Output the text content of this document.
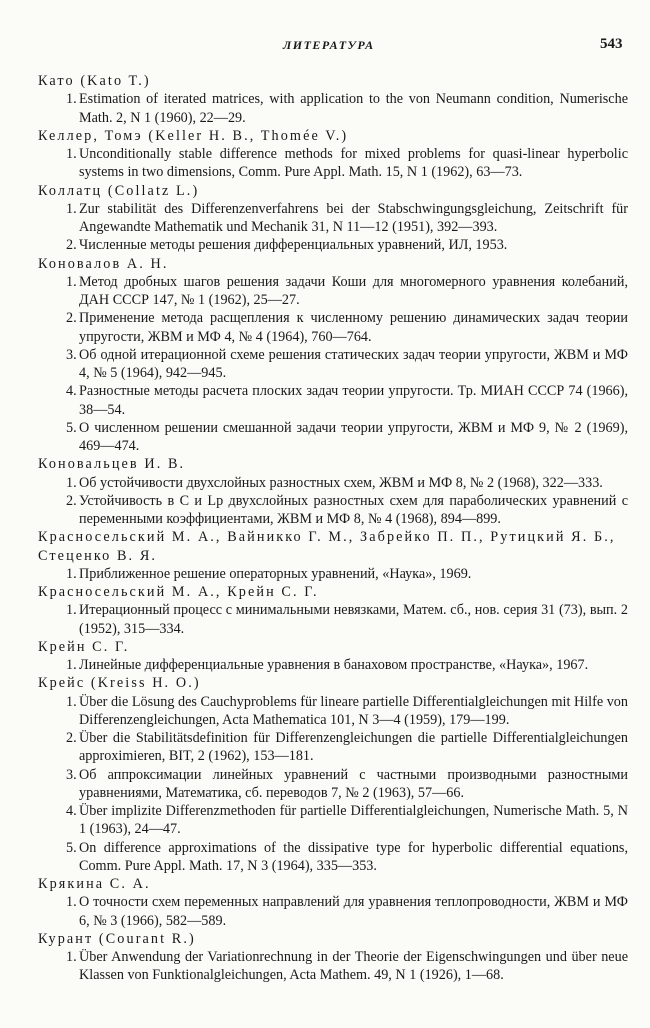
ЛИТЕРАТУРА	543
Като (Kato T.)
1. Estimation of iterated matrices, with application to the von Neumann condition, Numerische Math. 2, N 1 (1960), 22—29.
Келлер, Томэ (Keller H. B., Thomée V.)
1. Unconditionally stable difference methods for mixed problems for quasi-linear hyperbolic systems in two dimensions, Comm. Pure Appl. Math. 15, N 1 (1962), 63—73.
Коллатц (Collatz L.)
1. Zur stabilität des Differenzenverfahrens bei der Stabschwingungsgleichung, Zeitschrift für Angewandte Mathematik und Mechanik 31, N 11—12 (1951), 392—393.
2. Численные методы решения дифференциальных уравнений, ИЛ, 1953.
Коновалов А. Н.
1. Метод дробных шагов решения задачи Коши для многомерного уравнения колебаний, ДАН СССР 147, № 1 (1962), 25—27.
2. Применение метода расщепления к численному решению динамических задач теории упругости, ЖВМ и МФ 4, № 4 (1964), 760—764.
3. Об одной итерационной схеме решения статических задач теории упругости, ЖВМ и МФ 4, № 5 (1964), 942—945.
4. Разностные методы расчета плоских задач теории упругости. Тр. МИАН СССР 74 (1966), 38—54.
5. О численном решении смешанной задачи теории упругости, ЖВМ и МФ 9, № 2 (1969), 469—474.
Коновальцев И. В.
1. Об устойчивости двухслойных разностных схем, ЖВМ и МФ 8, № 2 (1968), 322—333.
2. Устойчивость в C и Lp двухслойных разностных схем для параболических уравнений с переменными коэффициентами, ЖВМ и МФ 8, № 4 (1968), 894—899.
Красносельский М. А., Вайникко Г. М., Забрейко П. П., Рутицкий Я. Б., Стеценко В. Я.
1. Приближенное решение операторных уравнений, «Наука», 1969.
Красносельский М. А., Крейн С. Г.
1. Итерационный процесс с минимальными невязками, Матем. сб., нов. серия 31 (73), вып. 2 (1952), 315—334.
Крейн С. Г.
1. Линейные дифференциальные уравнения в банаховом пространстве, «Наука», 1967.
Крейс (Kreiss H. O.)
1. Über die Lösung des Cauchyproblems für lineare partielle Differentialgleichungen mit Hilfe von Differenzengleichungen, Acta Mathematica 101, N 3—4 (1959), 179—199.
2. Über die Stabilitätsdefinition für Differenzengleichungen die partielle Differentialgleichungen approximieren, BIT, 2 (1962), 153—181.
3. Об аппроксимации линейных уравнений с частными производными разностными уравнениями, Математика, сб. переводов 7, № 2 (1963), 57—66.
4. Über implizite Differenzmethoden für partielle Differentialgleichungen, Numerische Math. 5, N 1 (1963), 24—47.
5. On difference approximations of the dissipative type for hyperbolic differential equations, Comm. Pure Appl. Math. 17, N 3 (1964), 335—353.
Крякина С. А.
1. О точности схем переменных направлений для уравнения теплопроводности, ЖВМ и МФ 6, № 3 (1966), 582—589.
Курант (Courant R.)
1. Über Anwendung der Variationrechnung in der Theorie der Eigenschwingungen und über neue Klassen von Funktionalgleichungen, Acta Mathem. 49, N 1 (1926), 1—68.
